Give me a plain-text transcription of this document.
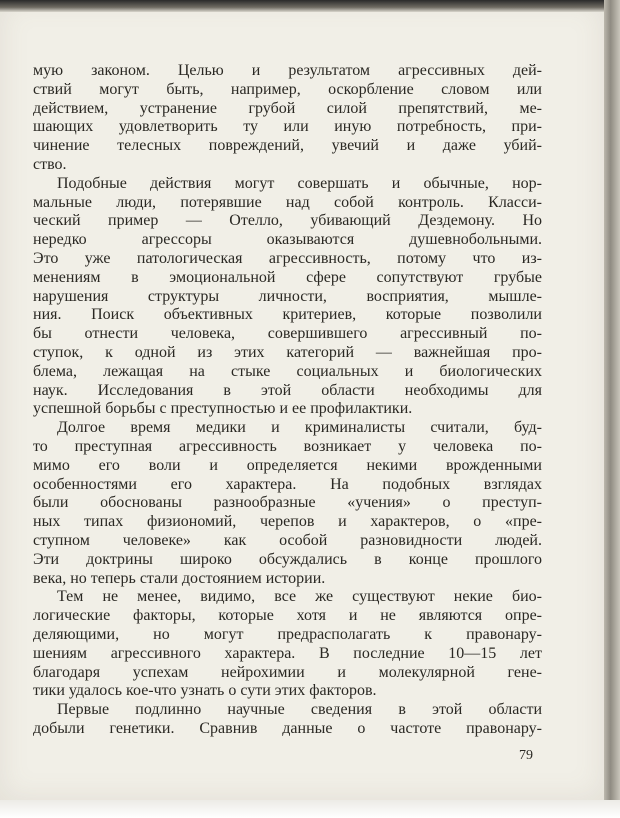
мую законом. Целью и результатом агрессивных дей-
ствий могут быть, например, оскорбление словом или
действием, устранение грубой силой препятствий, ме-
шающих удовлетворить ту или иную потребность, при-
чинение телесных повреждений, увечий и даже убий-
ство.
Подобные действия могут совершать и обычные, нор-
мальные люди, потерявшие над собой контроль. Класси-
ческий пример — Отелло, убивающий Дездемону. Но
нередко агрессоры оказываются душевнобольными.
Это уже патологическая агрессивность, потому что из-
менениям в эмоциональной сфере сопутствуют грубые
нарушения структуры личности, восприятия, мышле-
ния. Поиск объективных критериев, которые позволили
бы отнести человека, совершившего агрессивный по-
ступок, к одной из этих категорий — важнейшая про-
блема, лежащая на стыке социальных и биологических
наук. Исследования в этой области необходимы для
успешной борьбы с преступностью и ее профилактики.
Долгое время медики и криминалисты считали, буд-
то преступная агрессивность возникает у человека по-
мимо его воли и определяется некими врожденными
особенностями его характера. На подобных взглядах
были обоснованы разнообразные «учения» о преступ-
ных типах физиономий, черепов и характеров, о «пре-
ступном человеке» как особой разновидности людей.
Эти доктрины широко обсуждались в конце прошлого
века, но теперь стали достоянием истории.
Тем не менее, видимо, все же существуют некие био-
логические факторы, которые хотя и не являются опре-
деляющими, но могут предрасполагать к правонару-
шениям агрессивного характера. В последние 10—15 лет
благодаря успехам нейрохимии и молекулярной гене-
тики удалось кое-что узнать о сути этих факторов.
Первые подлинно научные сведения в этой области
добыли генетики. Сравнив данные о частоте правонару-
79
